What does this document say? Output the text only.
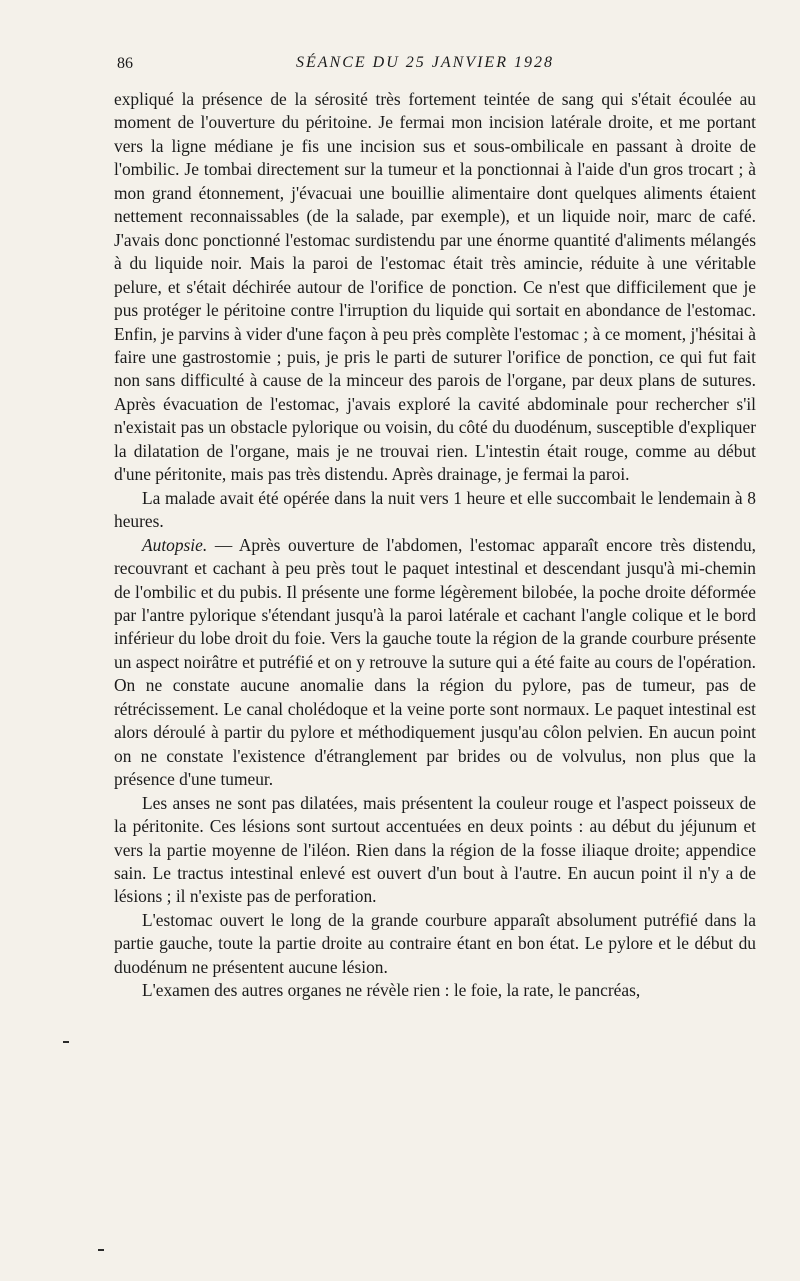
86	SÉANCE DU 25 JANVIER 1928

expliqué la présence de la sérosité très fortement teintée de sang qui s'était écoulée au moment de l'ouverture du péritoine. Je fermai mon incision latérale droite, et me portant vers la ligne médiane je fis une incision sus et sous-ombilicale en passant à droite de l'ombilic. Je tombai directement sur la tumeur et la ponctionnai à l'aide d'un gros trocart ; à mon grand étonnement, j'évacuai une bouillie alimentaire dont quelques aliments étaient nettement reconnaissables (de la salade, par exemple), et un liquide noir, marc de café. J'avais donc ponctionné l'estomac surdistendu par une énorme quantité d'aliments mélangés à du liquide noir. Mais la paroi de l'estomac était très amincie, réduite à une véritable pelure, et s'était déchirée autour de l'orifice de ponction. Ce n'est que difficilement que je pus protéger le péritoine contre l'irruption du liquide qui sortait en abondance de l'estomac. Enfin, je parvins à vider d'une façon à peu près complète l'estomac ; à ce moment, j'hésitai à faire une gastrostomie ; puis, je pris le parti de suturer l'orifice de ponction, ce qui fut fait non sans difficulté à cause de la minceur des parois de l'organe, par deux plans de sutures. Après évacuation de l'estomac, j'avais exploré la cavité abdominale pour rechercher s'il n'existait pas un obstacle pylorique ou voisin, du côté du duodénum, susceptible d'expliquer la dilatation de l'organe, mais je ne trouvai rien. L'intestin était rouge, comme au début d'une péritonite, mais pas très distendu. Après drainage, je fermai la paroi.

La malade avait été opérée dans la nuit vers 1 heure et elle succombait le lendemain à 8 heures.

Autopsie. — Après ouverture de l'abdomen, l'estomac apparaît encore très distendu, recouvrant et cachant à peu près tout le paquet intestinal et descendant jusqu'à mi-chemin de l'ombilic et du pubis. Il présente une forme légèrement bilobée, la poche droite déformée par l'antre pylorique s'étendant jusqu'à la paroi latérale et cachant l'angle colique et le bord inférieur du lobe droit du foie. Vers la gauche toute la région de la grande courbure présente un aspect noirâtre et putréfié et on y retrouve la suture qui a été faite au cours de l'opération. On ne constate aucune anomalie dans la région du pylore, pas de tumeur, pas de rétrécissement. Le canal cholédoque et la veine porte sont normaux. Le paquet intestinal est alors déroulé à partir du pylore et méthodiquement jusqu'au côlon pelvien. En aucun point on ne constate l'existence d'étranglement par brides ou de volvulus, non plus que la présence d'une tumeur.

Les anses ne sont pas dilatées, mais présentent la couleur rouge et l'aspect poisseux de la péritonite. Ces lésions sont surtout accentuées en deux points : au début du jéjunum et vers la partie moyenne de l'iléon. Rien dans la région de la fosse iliaque droite; appendice sain. Le tractus intestinal enlevé est ouvert d'un bout à l'autre. En aucun point il n'y a de lésions ; il n'existe pas de perforation.

L'estomac ouvert le long de la grande courbure apparaît absolument putréfié dans la partie gauche, toute la partie droite au contraire étant en bon état. Le pylore et le début du duodénum ne présentent aucune lésion.

L'examen des autres organes ne révèle rien : le foie, la rate, le pancréas,
